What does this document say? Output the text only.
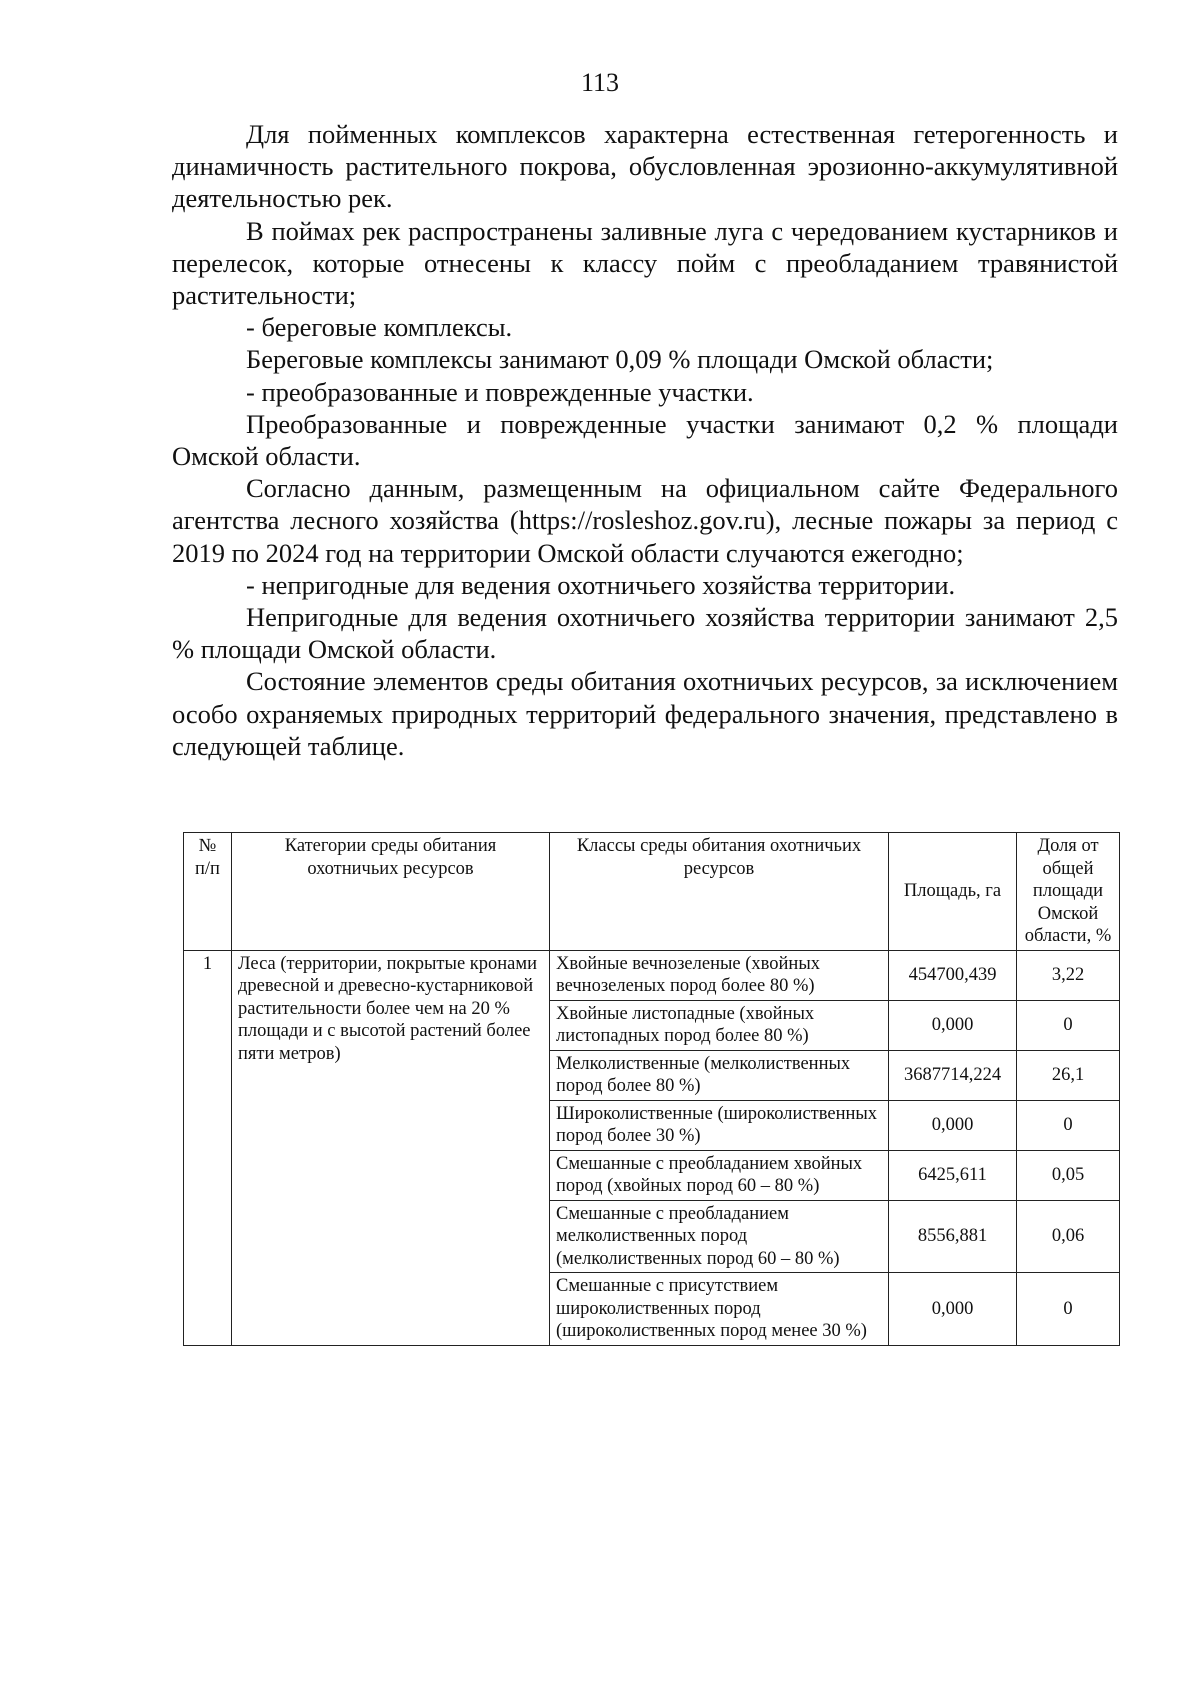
113

Для пойменных комплексов характерна естественная гетерогенность и динамичность растительного покрова, обусловленная эрозионно-аккумулятивной деятельностью рек.

В поймах рек распространены заливные луга с чередованием кустарников и перелесок, которые отнесены к классу пойм с преобладанием травянистой растительности;

- береговые комплексы.

Береговые комплексы занимают 0,09 % площади Омской области;

- преобразованные и поврежденные участки.

Преобразованные и поврежденные участки занимают 0,2 % площади Омской области.

Согласно данным, размещенным на официальном сайте Федерального агентства лесного хозяйства (https://rosleshoz.gov.ru), лесные пожары за период с 2019 по 2024 год на территории Омской области случаются ежегодно;

- непригодные для ведения охотничьего хозяйства территории.

Непригодные для ведения охотничьего хозяйства территории занимают 2,5 % площади Омской области.

Состояние элементов среды обитания охотничьих ресурсов, за исключением особо охраняемых природных территорий федерального значения, представлено в следующей таблице.

№ п/п	Категории среды обитания охотничьих ресурсов	Классы среды обитания охотничьих ресурсов	Площадь, га	Доля от общей площади Омской области, %
1	Леса (территории, покрытые кронами древесной и древесно-кустарниковой растительности более чем на 20 % площади и с высотой растений более пяти метров)	Хвойные вечнозеленые (хвойных вечнозеленых пород более 80 %)	454700,439	3,22
		Хвойные листопадные (хвойных листопадных пород более 80 %)	0,000	0
		Мелколиственные (мелколиственных пород более 80 %)	3687714,224	26,1
		Широколиственные (широколиственных пород более 30 %)	0,000	0
		Смешанные с преобладанием хвойных пород (хвойных пород 60 – 80 %)	6425,611	0,05
		Смешанные с преобладанием мелколиственных пород (мелколиственных пород 60 – 80 %)	8556,881	0,06
		Смешанные с присутствием широколиственных пород (широколиственных пород менее 30 %)	0,000	0
